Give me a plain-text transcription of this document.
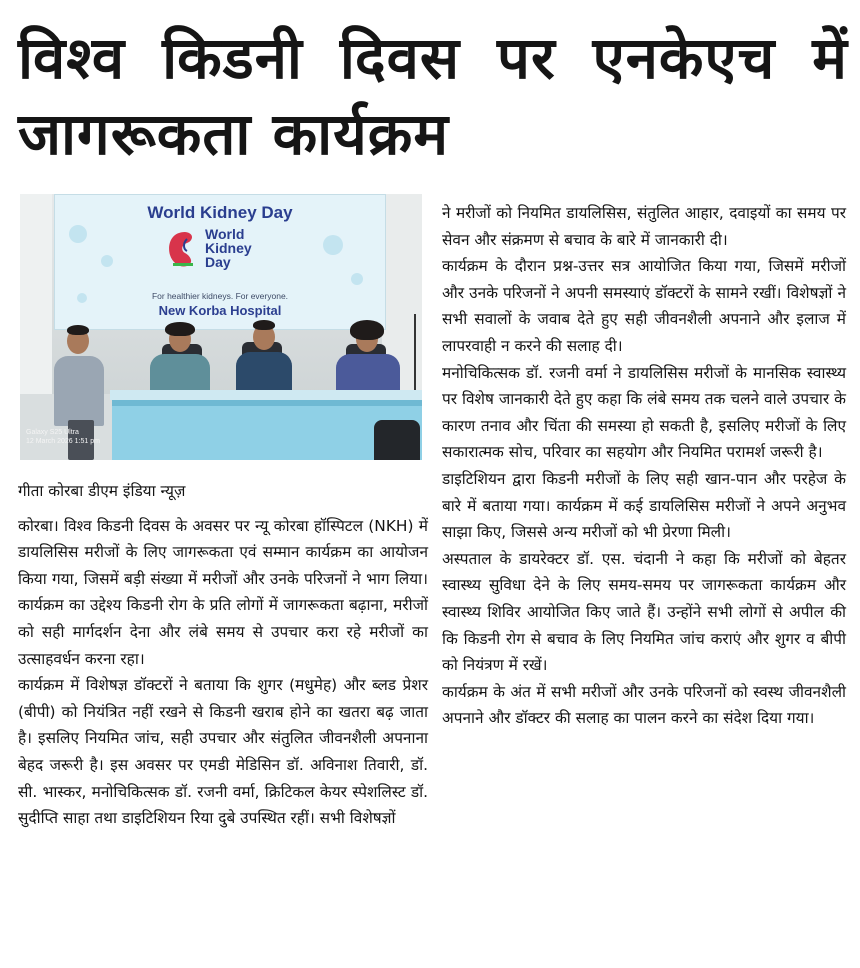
विश्व किडनी दिवस पर एनकेएच में
जागरूकता कार्यक्रम
World Kidney Day
World
Kidney
Day
For healthier kidneys. For everyone.
New Korba Hospital
Galaxy S25 Ultra
12 March 2026 1:51 pm

गीता कोरबा डीएम इंडिया न्यूज़

कोरबा। विश्व किडनी दिवस के अवसर पर न्यू कोरबा हॉस्पिटल (NKH) में डायलिसिस मरीजों के लिए जागरूकता एवं सम्मान कार्यक्रम का आयोजन किया गया, जिसमें बड़ी संख्या में मरीजों और उनके परिजनों ने भाग लिया। कार्यक्रम का उद्देश्य किडनी रोग के प्रति लोगों में जागरूकता बढ़ाना, मरीजों को सही मार्गदर्शन देना और लंबे समय से उपचार करा रहे मरीजों का उत्साहवर्धन करना रहा।

कार्यक्रम में विशेषज्ञ डॉक्टरों ने बताया कि शुगर (मधुमेह) और ब्लड प्रेशर (बीपी) को नियंत्रित नहीं रखने से किडनी खराब होने का खतरा बढ़ जाता है। इसलिए नियमित जांच, सही उपचार और संतुलित जीवनशैली अपनाना बेहद जरूरी है। इस अवसर पर एमडी मेडिसिन डॉ. अविनाश तिवारी, डॉ. सी. भास्कर, मनोचिकित्सक डॉ. रजनी वर्मा, क्रिटिकल केयर स्पेशलिस्ट डॉ. सुदीप्ति साहा तथा डाइटिशियन रिया दुबे उपस्थित रहीं। सभी विशेषज्ञों

ने मरीजों को नियमित डायलिसिस, संतुलित आहार, दवाइयों का समय पर सेवन और संक्रमण से बचाव के बारे में जानकारी दी।

कार्यक्रम के दौरान प्रश्न-उत्तर सत्र आयोजित किया गया, जिसमें मरीजों और उनके परिजनों ने अपनी समस्याएं डॉक्टरों के सामने रखीं। विशेषज्ञों ने सभी सवालों के जवाब देते हुए सही जीवनशैली अपनाने और इलाज में लापरवाही न करने की सलाह दी।

मनोचिकित्सक डॉ. रजनी वर्मा ने डायलिसिस मरीजों के मानसिक स्वास्थ्य पर विशेष जानकारी देते हुए कहा कि लंबे समय तक चलने वाले उपचार के कारण तनाव और चिंता की समस्या हो सकती है, इसलिए मरीजों के लिए सकारात्मक सोच, परिवार का सहयोग और नियमित परामर्श जरूरी है।

डाइटिशियन द्वारा किडनी मरीजों के लिए सही खान-पान और परहेज के बारे में बताया गया। कार्यक्रम में कई डायलिसिस मरीजों ने अपने अनुभव साझा किए, जिससे अन्य मरीजों को भी प्रेरणा मिली।

अस्पताल के डायरेक्टर डॉ. एस. चंदानी ने कहा कि मरीजों को बेहतर स्वास्थ्य सुविधा देने के लिए समय-समय पर जागरूकता कार्यक्रम और स्वास्थ्य शिविर आयोजित किए जाते हैं। उन्होंने सभी लोगों से अपील की कि किडनी रोग से बचाव के लिए नियमित जांच कराएं और शुगर व बीपी को नियंत्रण में रखें।

कार्यक्रम के अंत में सभी मरीजों और उनके परिजनों को स्वस्थ जीवनशैली अपनाने और डॉक्टर की सलाह का पालन करने का संदेश दिया गया।
